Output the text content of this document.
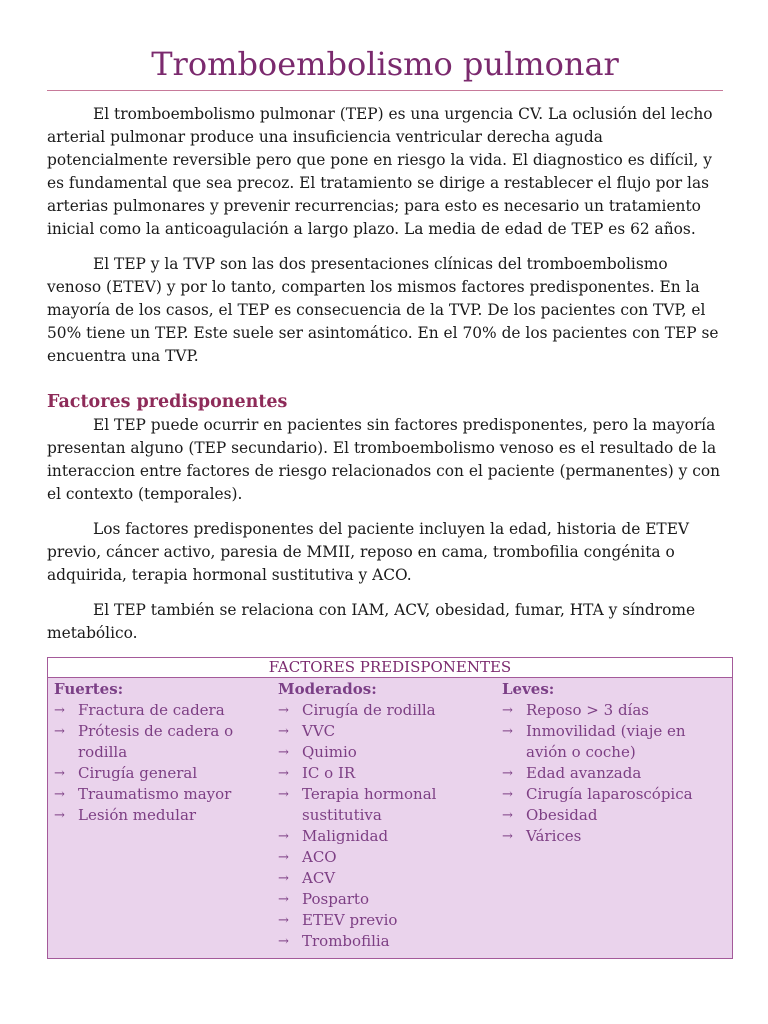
Tromboembolismo pulmonar

El tromboembolismo pulmonar (TEP) es una urgencia CV. La oclusión del lecho arterial pulmonar produce una insuficiencia ventricular derecha aguda potencialmente reversible pero que pone en riesgo la vida. El diagnostico es difícil, y es fundamental que sea precoz. El tratamiento se dirige a restablecer el flujo por las arterias pulmonares y prevenir recurrencias; para esto es necesario un tratamiento inicial como la anticoagulación a largo plazo. La media de edad de TEP es 62 años.

El TEP y la TVP son las dos presentaciones clínicas del tromboembolismo venoso (ETEV) y por lo tanto, comparten los mismos factores predisponentes. En la mayoría de los casos, el TEP es consecuencia de la TVP. De los pacientes con TVP, el 50% tiene un TEP. Este suele ser asintomático. En el 70% de los pacientes con TEP se encuentra una TVP.

Factores predisponentes

El TEP puede ocurrir en pacientes sin factores predisponentes, pero la mayoría presentan alguno (TEP secundario). El tromboembolismo venoso es el resultado de la interaccion entre factores de riesgo relacionados con el paciente (permanentes) y con el contexto (temporales).

Los factores predisponentes del paciente incluyen la edad, historia de ETEV previo, cáncer activo, paresia de MMII, reposo en cama, trombofilia congénita o adquirida, terapia hormonal sustitutiva y ACO.

El TEP también se relaciona con IAM, ACV, obesidad, fumar, HTA y síndrome metabólico.

FACTORES PREDISPONENTES
Fuertes:
→ Fractura de cadera
→ Prótesis de cadera o rodilla
→ Cirugía general
→ Traumatismo mayor
→ Lesión medular
Moderados:
→ Cirugía de rodilla
→ VVC
→ Quimio
→ IC o IR
→ Terapia hormonal sustitutiva
→ Malignidad
→ ACO
→ ACV
→ Posparto
→ ETEV previo
→ Trombofilia
Leves:
→ Reposo > 3 días
→ Inmovilidad (viaje en avión o coche)
→ Edad avanzada
→ Cirugía laparoscópica
→ Obesidad
→ Várices
